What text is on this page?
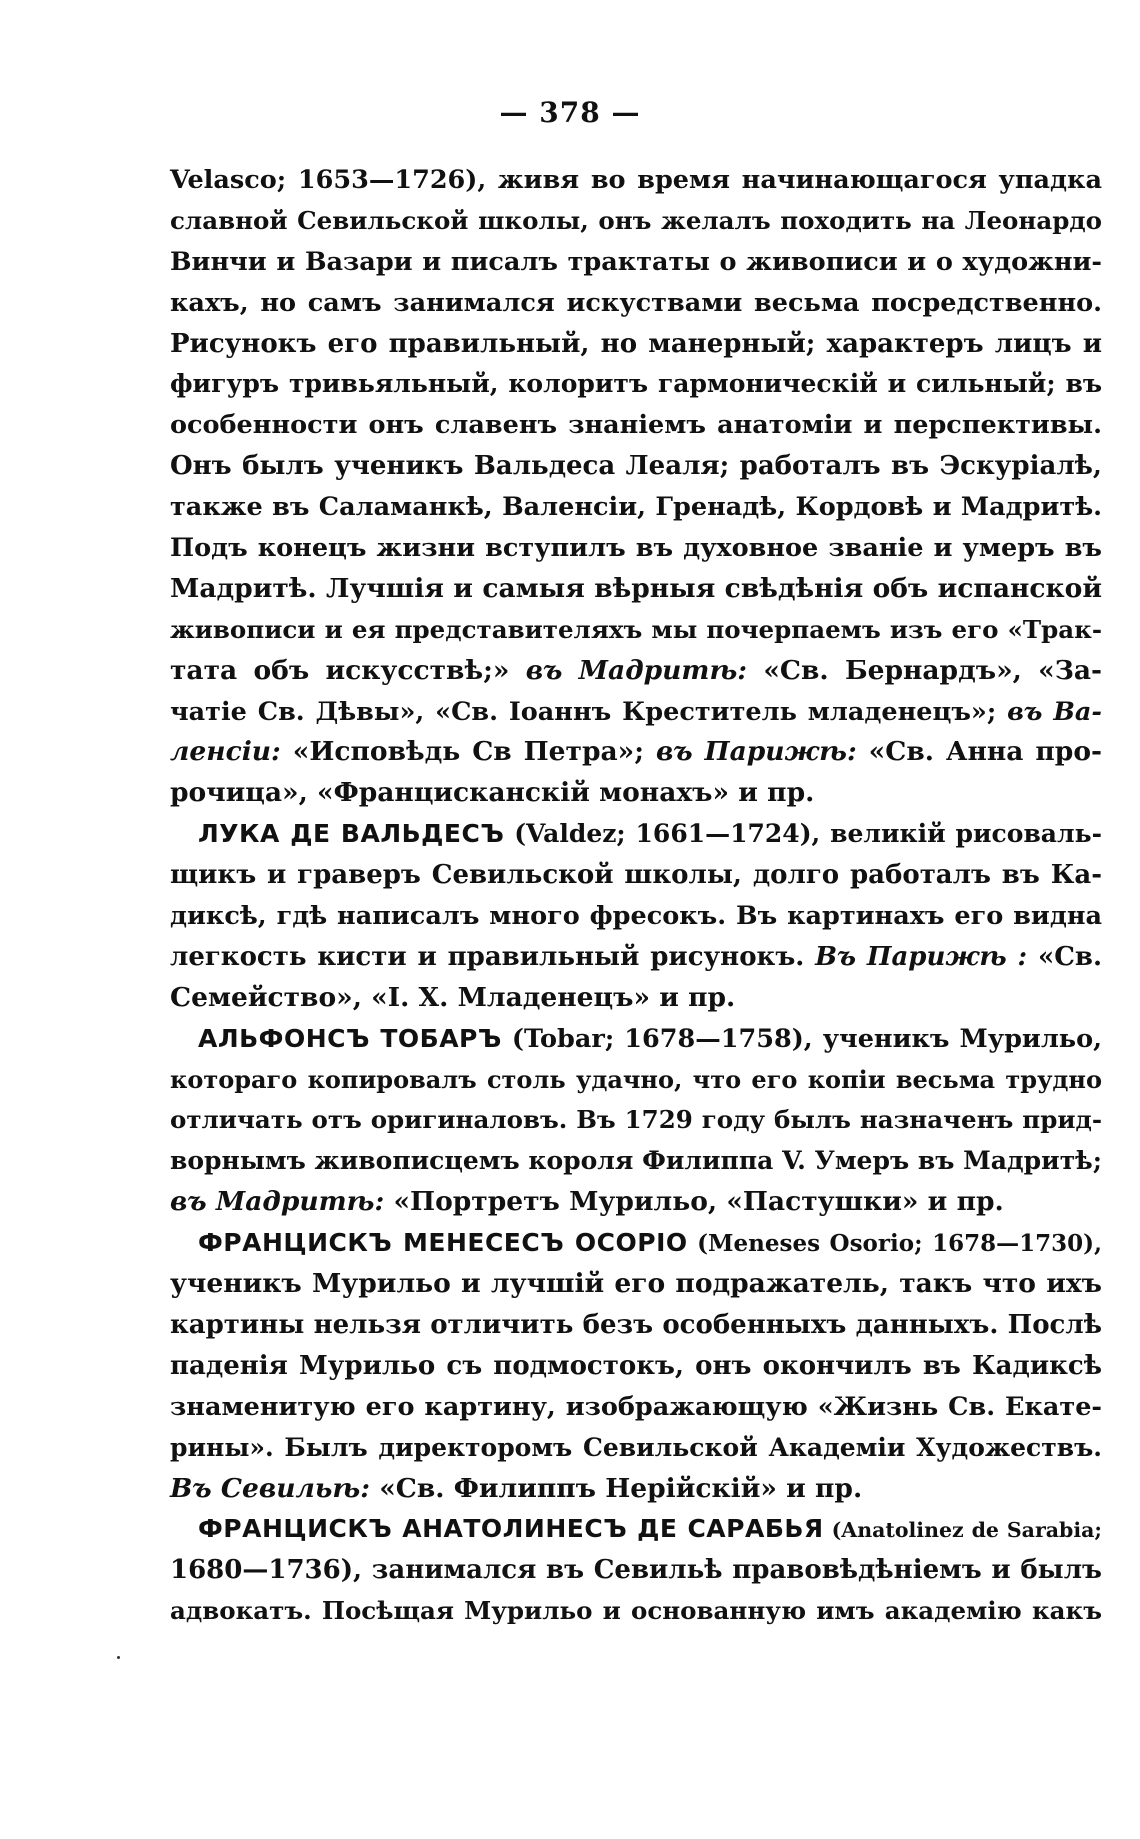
— 378 —
Velasco; 1653—1726), живя во время начинающагося упадка
славной Севильской школы, онъ желалъ походить на Леонардо
Винчи и Вазари и писалъ трактаты о живописи и о художни-
кахъ, но самъ занимался искуствами весьма посредственно.
Рисунокъ его правильный, но манерный; характеръ лицъ и
фигуръ тривьяльный, колоритъ гармоническій и сильный; въ
особенности онъ славенъ знаніемъ анатоміи и перспективы.
Онъ былъ ученикъ Вальдеса Леаля; работалъ въ Эскуріалѣ,
также въ Саламанкѣ, Валенсіи, Гренадѣ, Кордовѣ и Мадритѣ.
Подъ конецъ жизни вступилъ въ духовное званіе и умеръ въ
Мадритѣ. Лучшія и самыя вѣрныя свѣдѣнія объ испанской
живописи и ея представителяхъ мы почерпаемъ изъ его «Трак-
тата объ искусствѣ;» въ Мадритѣ: «Св. Бернардъ», «За-
чатіе Св. Дѣвы», «Св. Іоаннъ Креститель младенецъ»; въ Ва-
ленсіи: «Исповѣдь Св Петра»; въ Парижѣ: «Св. Анна про-
рочица», «Францисканскій монахъ» и пр.
ЛУКА ДЕ ВАЛЬДЕСЪ (Valdez; 1661—1724), великій рисоваль-
щикъ и граверъ Севильской школы, долго работалъ въ Ка-
диксѣ, гдѣ написалъ много фресокъ. Въ картинахъ его видна
легкость кисти и правильный рисунокъ. Въ Парижѣ : «Св.
Семейство», «І. Х. Младенецъ» и пр.
АЛЬФОНСЪ ТОБАРЪ (Tobar; 1678—1758), ученикъ Мурильо,
котораго копировалъ столь удачно, что его копіи весьма трудно
отличать отъ оригиналовъ. Въ 1729 году былъ назначенъ прид-
ворнымъ живописцемъ короля Филиппа V. Умеръ въ Мадритѣ;
въ Мадритѣ: «Портретъ Мурильо, «Пастушки» и пр.
ФРАНЦИСКЪ МЕНЕСЕСЪ ОСОРІО (Meneses Osorio; 1678—1730),
ученикъ Мурильо и лучшій его подражатель, такъ что ихъ
картины нельзя отличить безъ особенныхъ данныхъ. Послѣ
паденія Мурильо съ подмостокъ, онъ окончилъ въ Кадиксѣ
знаменитую его картину, изображающую «Жизнь Св. Екате-
рины». Былъ директоромъ Севильской Академіи Художествъ.
Въ Севильѣ: «Св. Филиппъ Нерійскій» и пр.
ФРАНЦИСКЪ АНАТОЛИНЕСЪ ДЕ САРАБЬЯ (Anatolinez de Sarabia;
1680—1736), занимался въ Севильѣ правовѣдѣніемъ и былъ
адвокатъ. Посѣщая Мурильо и основанную имъ академію какъ
